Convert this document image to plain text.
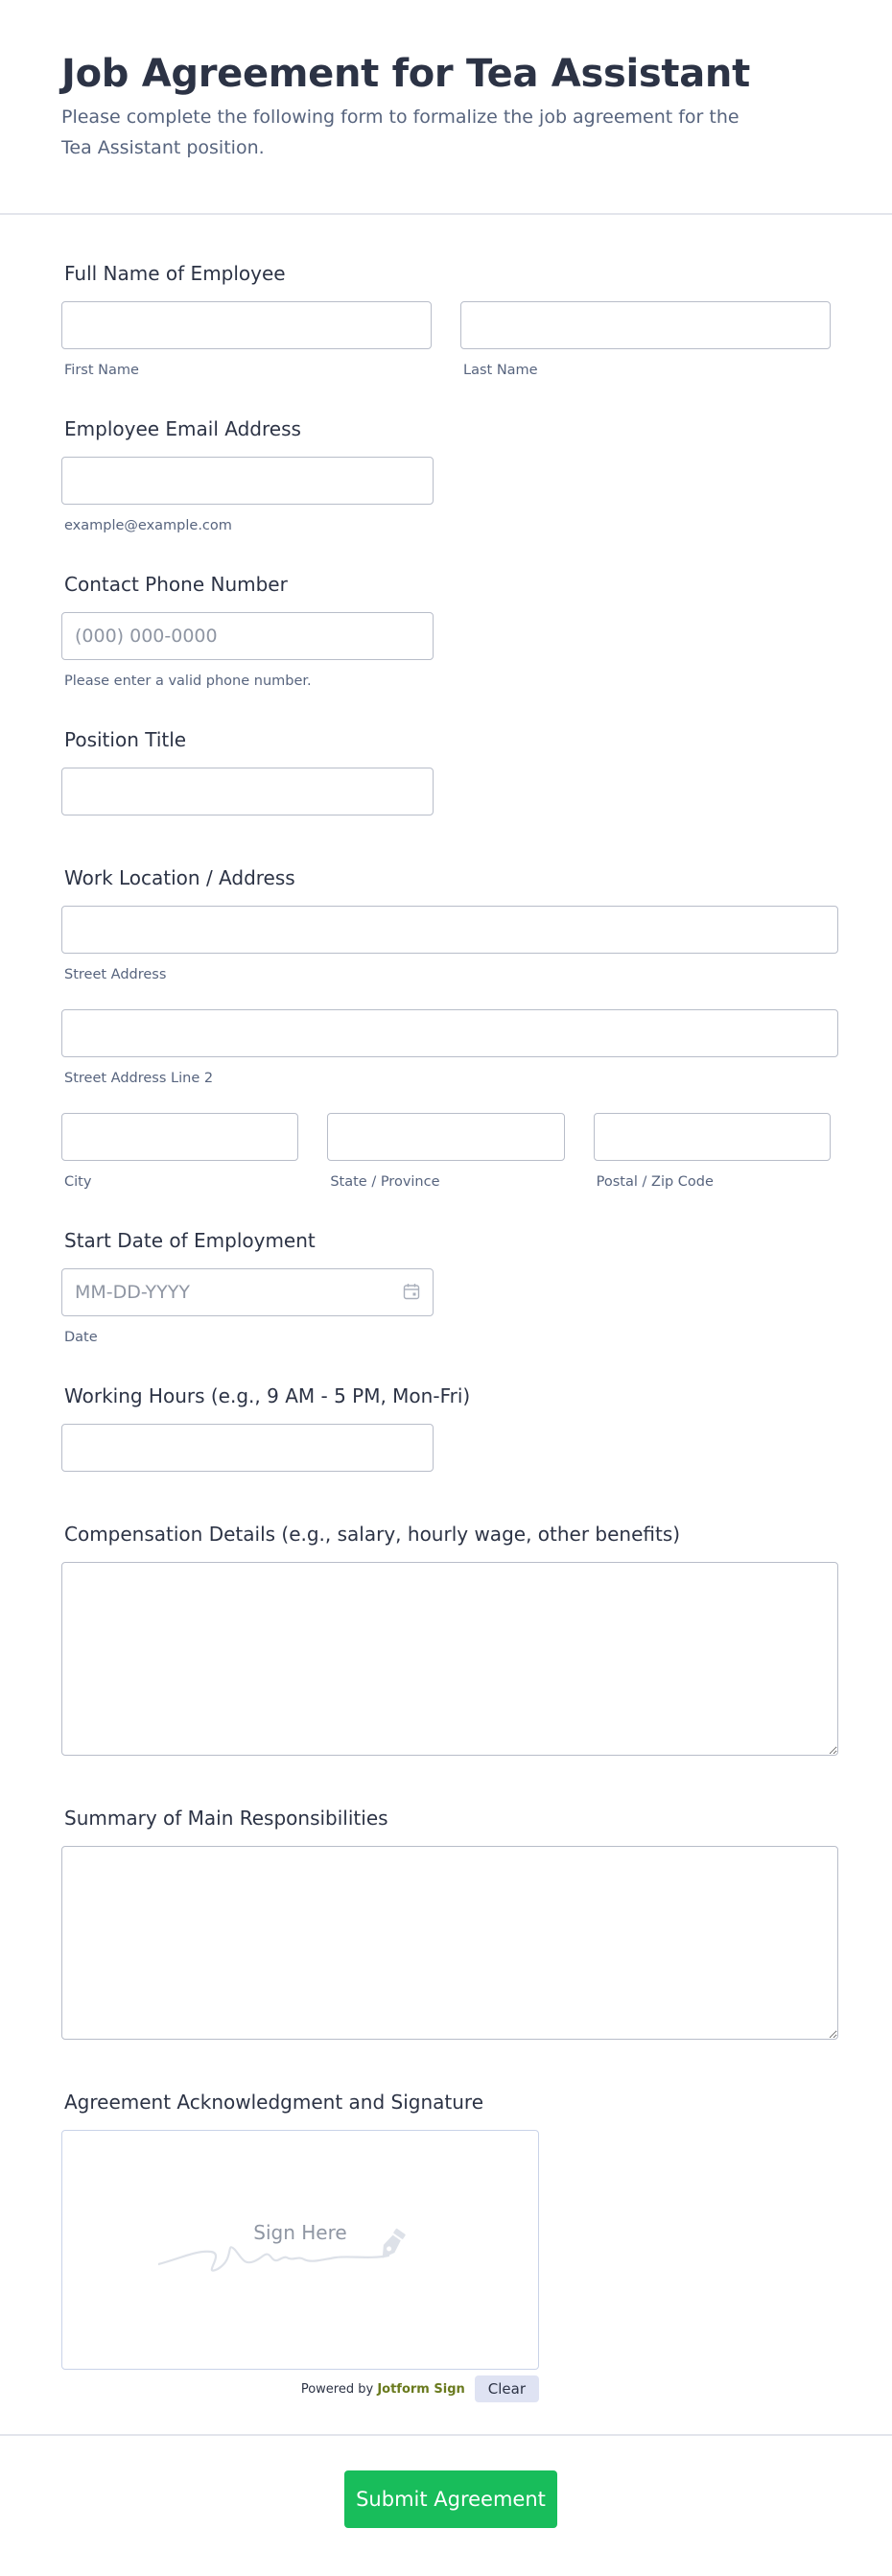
Job Agreement for Tea Assistant

Please complete the following form to formalize the job agreement for the Tea Assistant position.

Full Name of Employee
First Name	Last Name
Employee Email Address
example@example.com
Contact Phone Number
(000) 000-0000
Please enter a valid phone number.
Position Title
Work Location / Address
Street Address
Street Address Line 2
City	State / Province	Postal / Zip Code
Start Date of Employment
MM-DD-YYYY
Date
Working Hours (e.g., 9 AM - 5 PM, Mon-Fri)
Compensation Details (e.g., salary, hourly wage, other benefits)
Summary of Main Responsibilities
Agreement Acknowledgment and Signature
Sign Here
Powered by Jotform Sign	Clear
Submit Agreement
